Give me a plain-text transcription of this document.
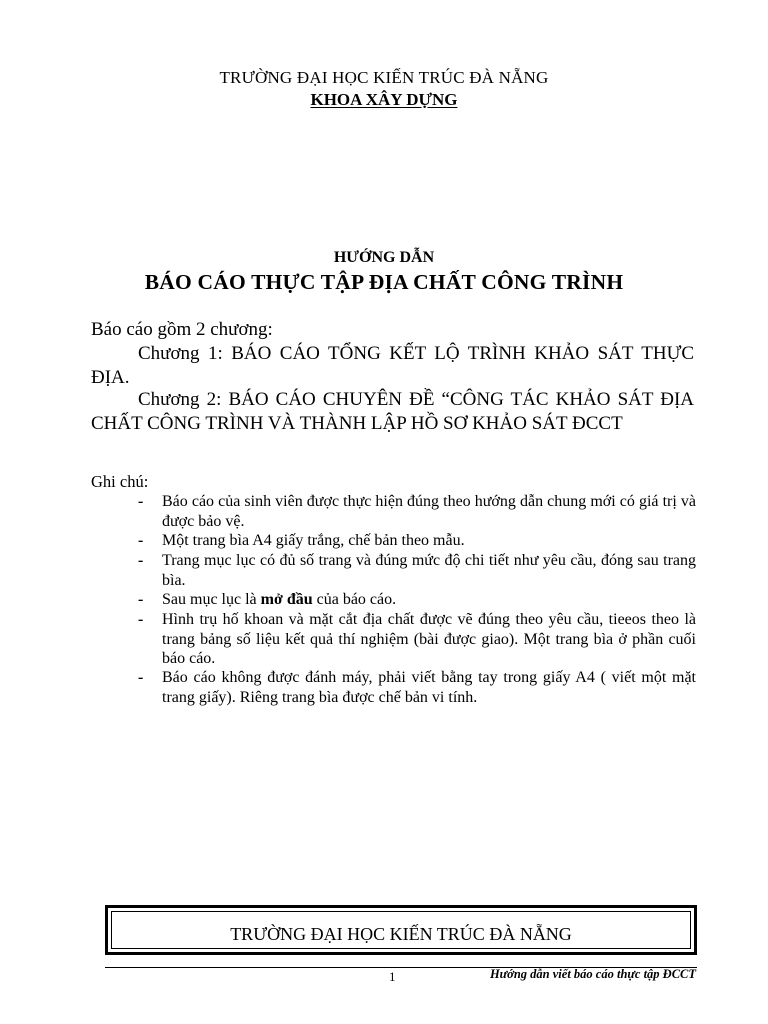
TRƯỜNG ĐẠI HỌC KIẾN TRÚC ĐÀ NẴNG
KHOA XÂY DỰNG
HƯỚNG DẪN
BÁO CÁO THỰC TẬP ĐỊA CHẤT CÔNG TRÌNH
Báo cáo gồm 2 chương:
Chương 1: BÁO CÁO TỔNG KẾT LỘ TRÌNH KHẢO SÁT THỰC ĐỊA.
Chương 2: BÁO CÁO CHUYÊN ĐỀ “CÔNG TÁC KHẢO SÁT ĐỊA CHẤT CÔNG TRÌNH VÀ THÀNH LẬP HỒ SƠ KHẢO SÁT ĐCCT
Ghi chú:
- Báo cáo của sinh viên được thực hiện đúng theo hướng dẫn chung mới có giá trị và được bảo vệ.
- Một trang bìa A4 giấy trắng, chế bản theo mẫu.
- Trang mục lục có đủ số trang và đúng mức độ chi tiết như yêu cầu, đóng sau trang bìa.
- Sau mục lục là mở đầu của báo cáo.
- Hình trụ hố khoan và mặt cắt địa chất được vẽ đúng theo yêu cầu, tieeos theo là trang bảng số liệu kết quả thí nghiệm (bài được giao). Một trang bìa ở phần cuối báo cáo.
- Báo cáo không được đánh máy, phải viết bằng tay trong giấy A4 ( viết một mặt trang giấy). Riêng trang bìa được chế bản vi tính.
TRƯỜNG ĐẠI HỌC KIẾN TRÚC ĐÀ NẴNG
1	Hướng dẫn viết báo cáo thực tập ĐCCT
